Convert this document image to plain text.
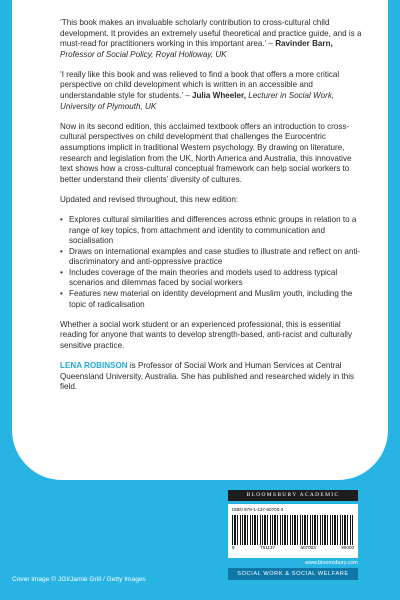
‘This book makes an invaluable scholarly contribution to cross-cultural child development. It provides an extremely useful theoretical and practice guide, and is a must-read for practitioners working in this important area.’ – Ravinder Barn, Professor of Social Policy, Royal Holloway, UK

‘I really like this book and was relieved to find a book that offers a more critical perspective on child development which is written in an accessible and understandable style for students.’ – Julia Wheeler, Lecturer in Social Work, University of Plymouth, UK

Now in its second edition, this acclaimed textbook offers an introduction to cross-cultural perspectives on child development that challenges the Eurocentric assumptions implicit in traditional Western psychology. By drawing on literature, research and legislation from the UK, North America and Australia, this innovative text shows how a cross-cultural conceptual framework can help social workers to better understand their clients’ diversity of cultures.

Updated and revised throughout, this new edition:

• Explores cultural similarities and differences across ethnic groups in relation to a range of key topics, from attachment and identity to communication and socialisation
• Draws on international examples and case studies to illustrate and reflect on anti-discriminatory and anti-oppressive practice
• Includes coverage of the main theories and models used to address typical scenarios and dilemmas faced by social workers
• Features new material on identity development and Muslim youth, including the topic of radicalisation

Whether a social work student or an experienced professional, this is essential reading for anyone that wants to develop strength-based, anti-racist and culturally sensitive practice.

LENA ROBINSON is Professor of Social Work and Human Services at Central Queensland University, Australia. She has published and researched widely in this field.

BLOOMSBURY ACADEMIC
ISBN 978-1-137-60700-3
9	781137	607003	90000
www.bloomsbury.com
SOCIAL WORK & SOCIAL WELFARE
Cover image © JGI/Jamie Grill / Getty Images
